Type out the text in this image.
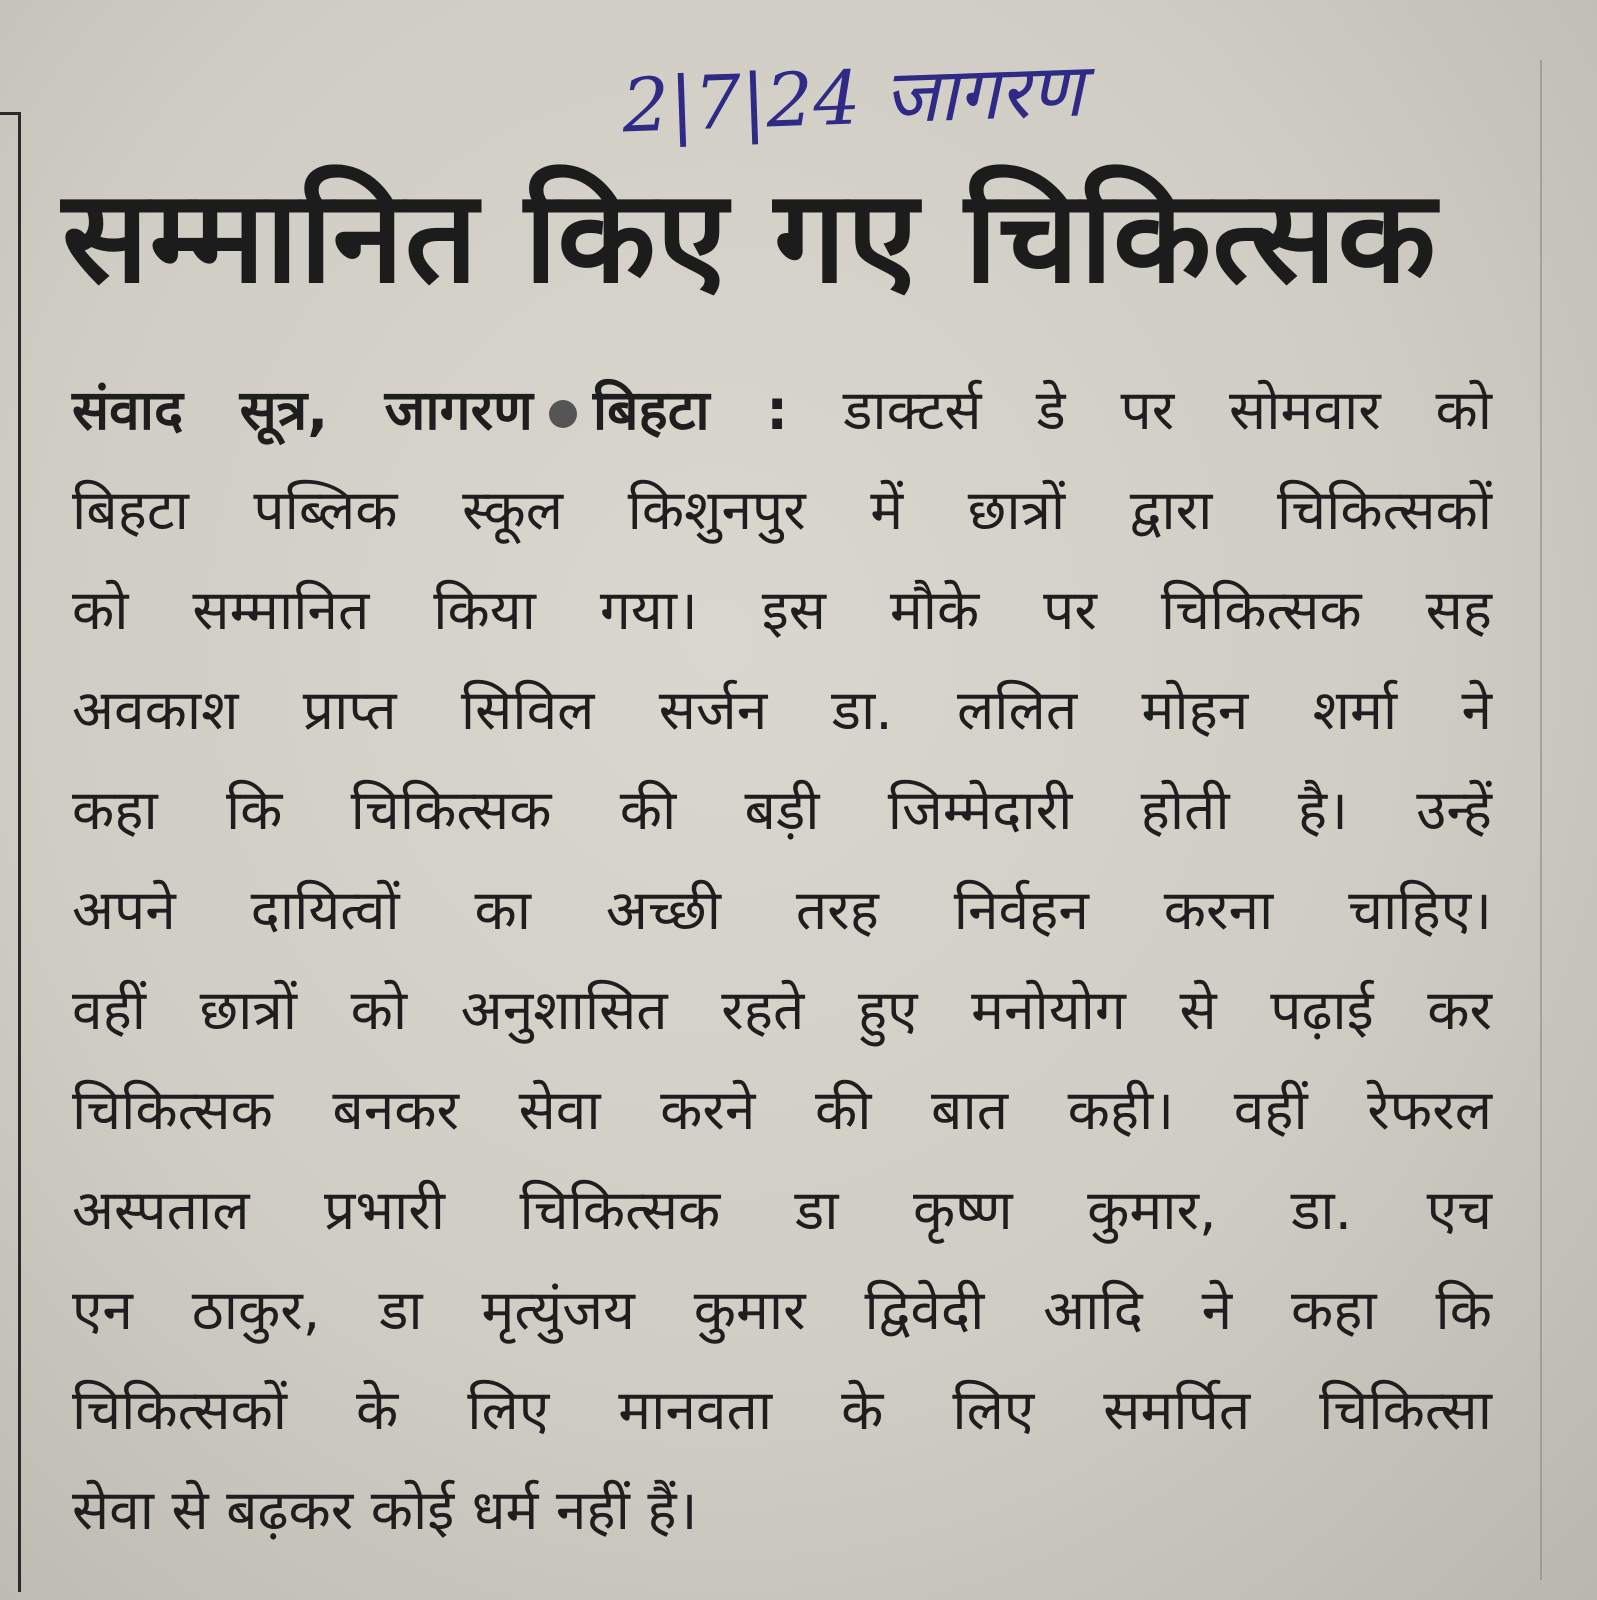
2|7|24 जागरण
सम्मानित किए गए चिकित्सक
संवाद सूत्र, जागरण बिहटा : डाक्टर्स डे पर सोमवार को
बिहटा पब्लिक स्कूल किशुनपुर में छात्रों द्वारा चिकित्सकों
को सम्मानित किया गया। इस मौके पर चिकित्सक सह
अवकाश प्राप्त सिविल सर्जन डा. ललित मोहन शर्मा ने
कहा कि चिकित्सक की बड़ी जिम्मेदारी होती है। उन्हें
अपने दायित्वों का अच्छी तरह निर्वहन करना चाहिए।
वहीं छात्रों को अनुशासित रहते हुए मनोयोग से पढ़ाई कर
चिकित्सक बनकर सेवा करने की बात कही। वहीं रेफरल
अस्पताल प्रभारी चिकित्सक डा कृष्ण कुमार, डा. एच
एन ठाकुर, डा मृत्युंजय कुमार द्विवेदी आदि ने कहा कि
चिकित्सकों के लिए मानवता के लिए समर्पित चिकित्सा
सेवा से बढ़कर कोई धर्म नहीं हैं।
